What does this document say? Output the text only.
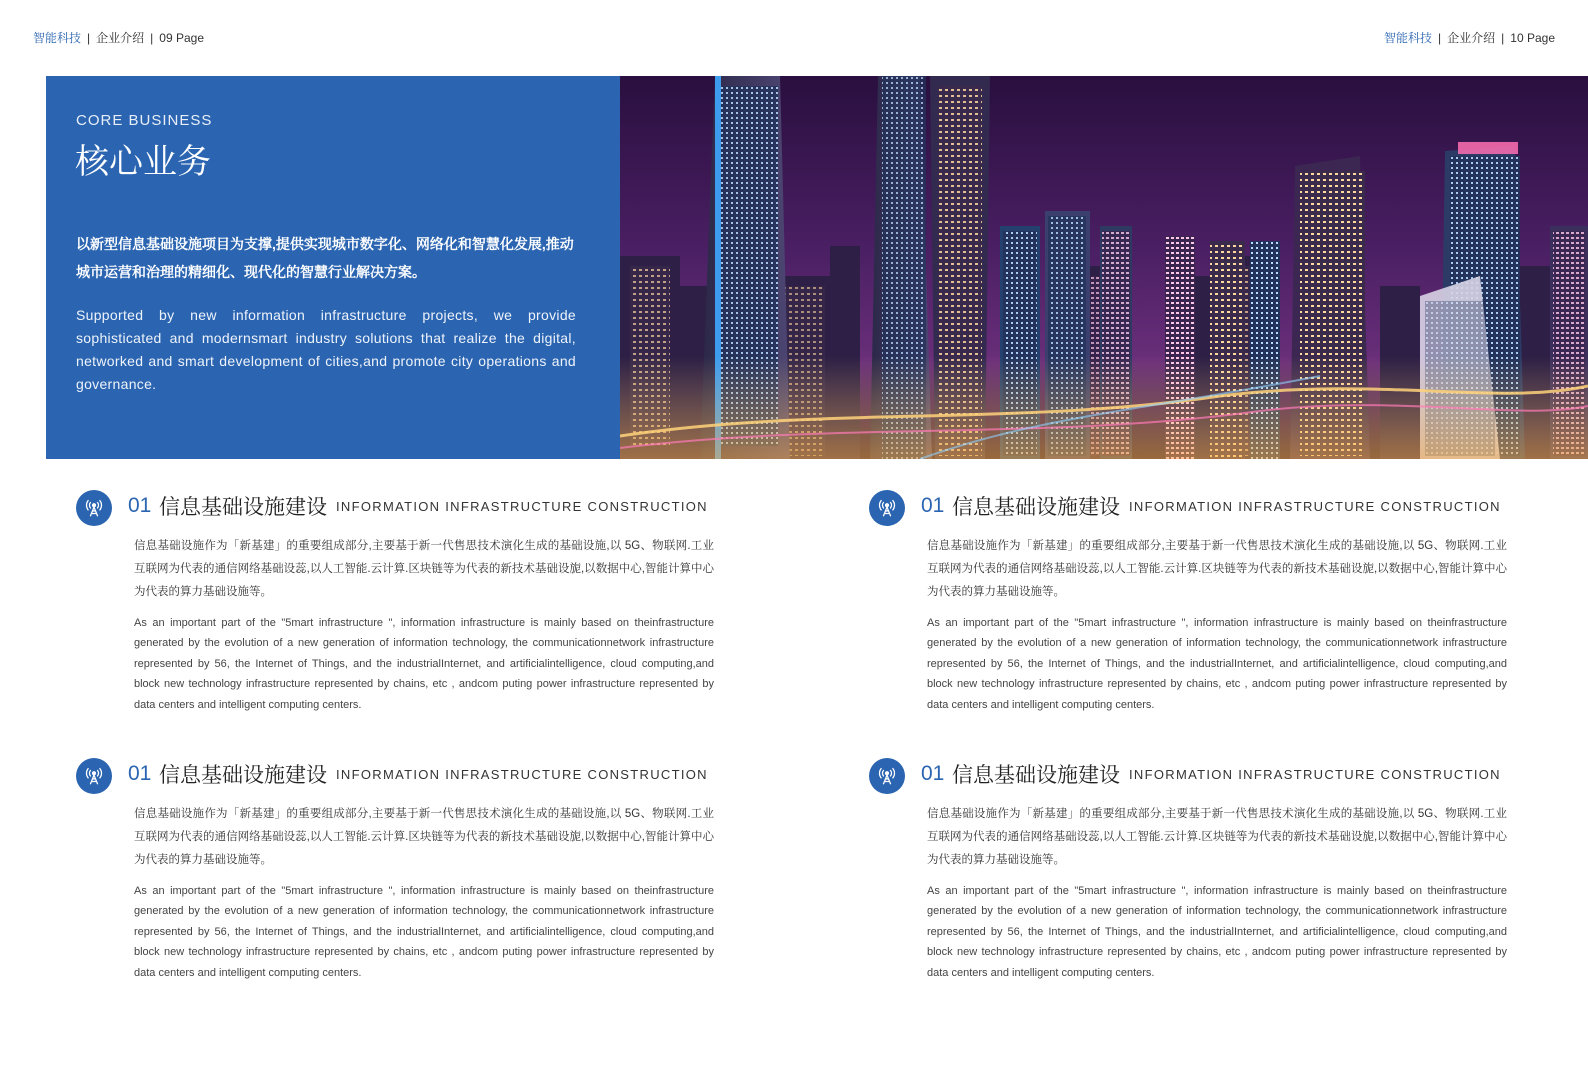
智能科技 | 企业介绍 | 09 Page	智能科技 | 企业介绍 | 10 Page
CORE BUSINESS
核心业务

以新型信息基础设施项目为支撑,提供实现城市数字化、网络化和智慧化发展,推动城市运营和治理的精细化、现代化的智慧行业解决方案。

Supported by new information infrastructure projects, we provide sophisticated and modernsmart industry solutions that realize the digital, networked and smart development of cities,and promote city operations and governance.

01 信息基础设施建设 INFORMATION INFRASTRUCTURE CONSTRUCTION

信息基础设施作为「新基建」的重要组成部分,主要基于新一代售思技术演化生成的基础设施,以 5G、物联网.工业互联网为代表的通信网络基础设蕊,以人工智能.云计算.区块链等为代表的新技术基础设旎,以数据中心,智能计算中心为代表的算力基础设施等。

As an important part of the "5mart infrastructure ", information infrastructure is mainly based on theinfrastructure generated by the evolution of a new generation of information technology, the communicationnetwork infrastructure represented by 56, the Internet of Things, and the industrialInternet, and artificialintelligence, cloud computing,and block new technology infrastructure represented by chains, etc , andcom puting power infrastructure represented by data centers and intelligent computing centers.

01 信息基础设施建设 INFORMATION INFRASTRUCTURE CONSTRUCTION

信息基础设施作为「新基建」的重要组成部分,主要基于新一代售思技术演化生成的基础设施,以 5G、物联网.工业互联网为代表的通信网络基础设蕊,以人工智能.云计算.区块链等为代表的新技术基础设旎,以数据中心,智能计算中心为代表的算力基础设施等。

As an important part of the "5mart infrastructure ", information infrastructure is mainly based on theinfrastructure generated by the evolution of a new generation of information technology, the communicationnetwork infrastructure represented by 56, the Internet of Things, and the industrialInternet, and artificialintelligence, cloud computing,and block new technology infrastructure represented by chains, etc , andcom puting power infrastructure represented by data centers and intelligent computing centers.

01 信息基础设施建设 INFORMATION INFRASTRUCTURE CONSTRUCTION

信息基础设施作为「新基建」的重要组成部分,主要基于新一代售思技术演化生成的基础设施,以 5G、物联网.工业互联网为代表的通信网络基础设蕊,以人工智能.云计算.区块链等为代表的新技术基础设旎,以数据中心,智能计算中心为代表的算力基础设施等。

As an important part of the "5mart infrastructure ", information infrastructure is mainly based on theinfrastructure generated by the evolution of a new generation of information technology, the communicationnetwork infrastructure represented by 56, the Internet of Things, and the industrialInternet, and artificialintelligence, cloud computing,and block new technology infrastructure represented by chains, etc , andcom puting power infrastructure represented by data centers and intelligent computing centers.

01 信息基础设施建设 INFORMATION INFRASTRUCTURE CONSTRUCTION

信息基础设施作为「新基建」的重要组成部分,主要基于新一代售思技术演化生成的基础设施,以 5G、物联网.工业互联网为代表的通信网络基础设蕊,以人工智能.云计算.区块链等为代表的新技术基础设旎,以数据中心,智能计算中心为代表的算力基础设施等。

As an important part of the "5mart infrastructure ", information infrastructure is mainly based on theinfrastructure generated by the evolution of a new generation of information technology, the communicationnetwork infrastructure represented by 56, the Internet of Things, and the industrialInternet, and artificialintelligence, cloud computing,and block new technology infrastructure represented by chains, etc , andcom puting power infrastructure represented by data centers and intelligent computing centers.
